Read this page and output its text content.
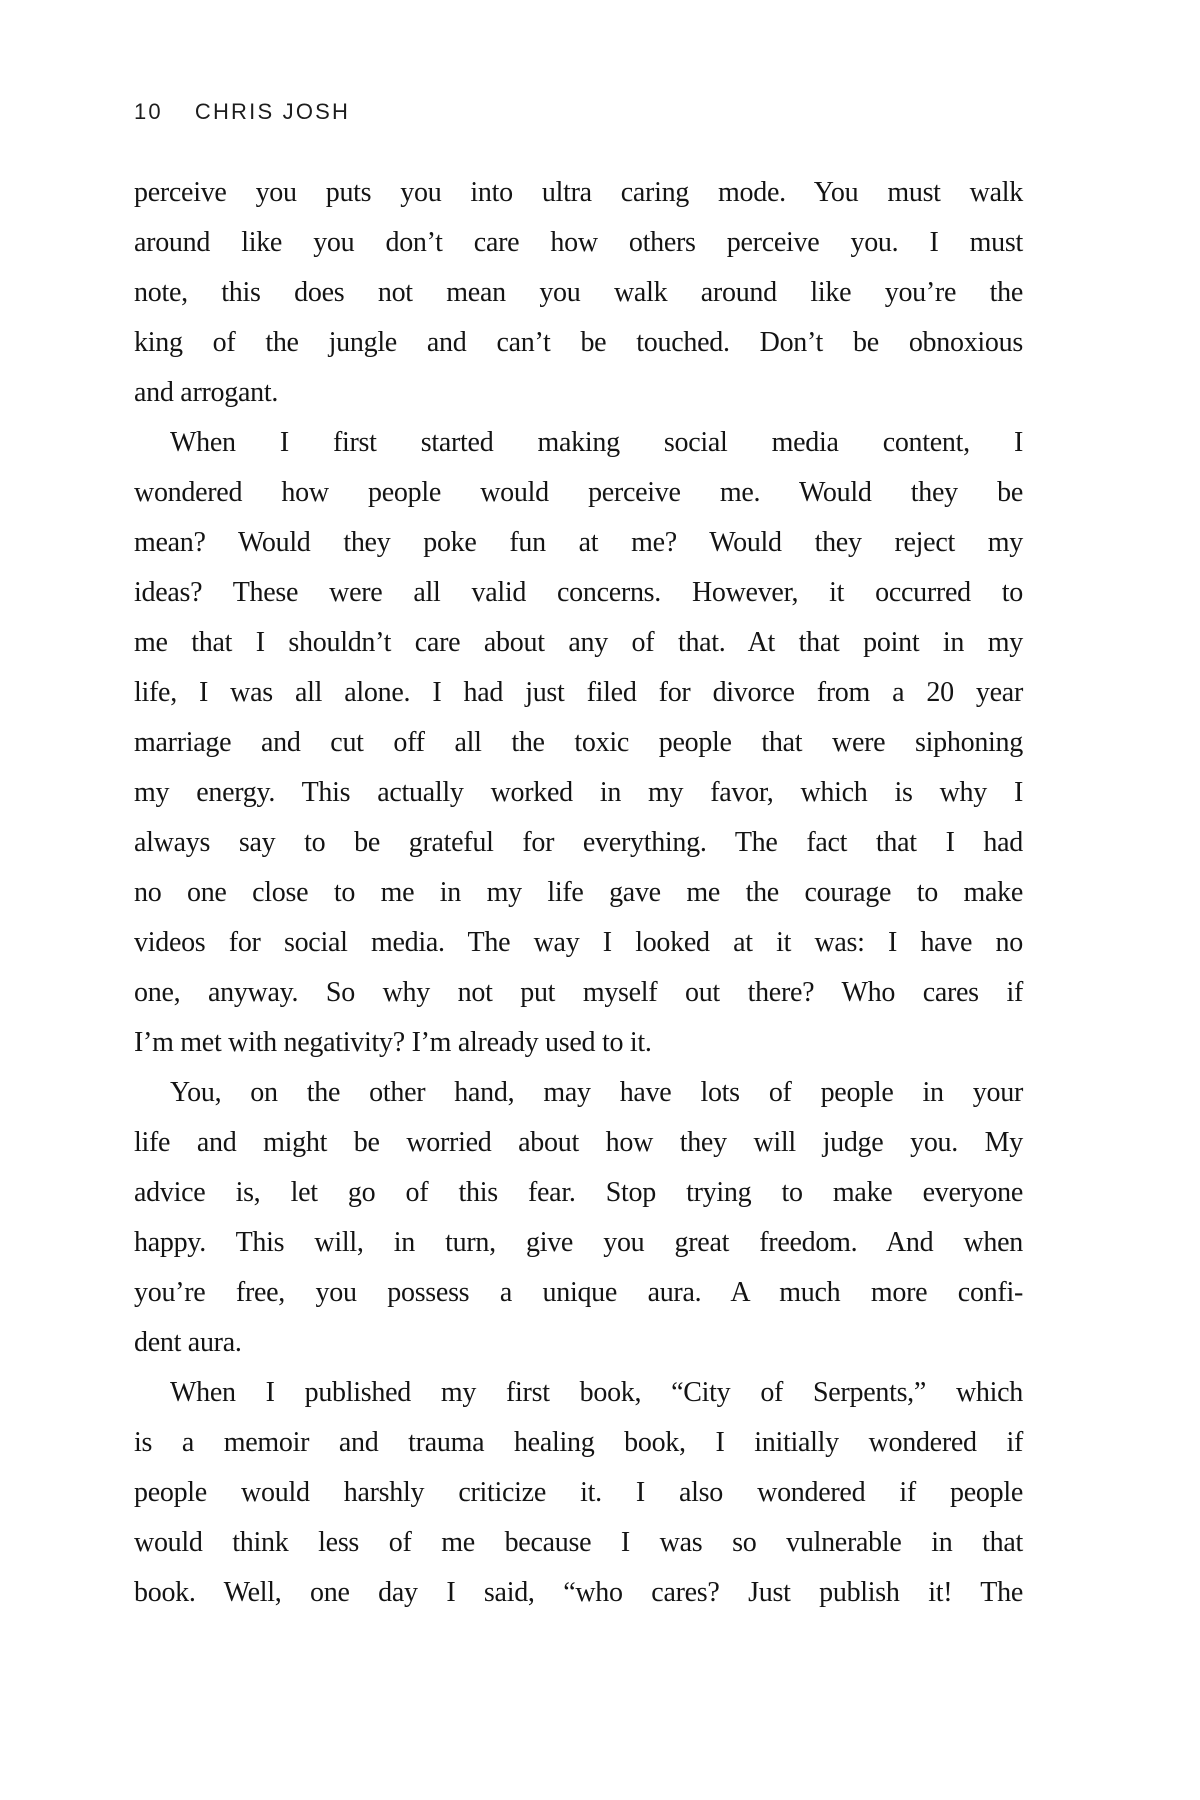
10 CHRIS JOSH

perceive you puts you into ultra caring mode. You must walk
around like you don’t care how others perceive you. I must
note, this does not mean you walk around like you’re the
king of the jungle and can’t be touched. Don’t be obnoxious
and arrogant.

When I first started making social media content, I
wondered how people would perceive me. Would they be
mean? Would they poke fun at me? Would they reject my
ideas? These were all valid concerns. However, it occurred to
me that I shouldn’t care about any of that. At that point in my
life, I was all alone. I had just filed for divorce from a 20 year
marriage and cut off all the toxic people that were siphoning
my energy. This actually worked in my favor, which is why I
always say to be grateful for everything. The fact that I had
no one close to me in my life gave me the courage to make
videos for social media. The way I looked at it was: I have no
one, anyway. So why not put myself out there? Who cares if
I’m met with negativity? I’m already used to it.

You, on the other hand, may have lots of people in your
life and might be worried about how they will judge you. My
advice is, let go of this fear. Stop trying to make everyone
happy. This will, in turn, give you great freedom. And when
you’re free, you possess a unique aura. A much more confi-
dent aura.

When I published my first book, “City of Serpents,” which
is a memoir and trauma healing book, I initially wondered if
people would harshly criticize it. I also wondered if people
would think less of me because I was so vulnerable in that
book. Well, one day I said, “who cares? Just publish it! The
